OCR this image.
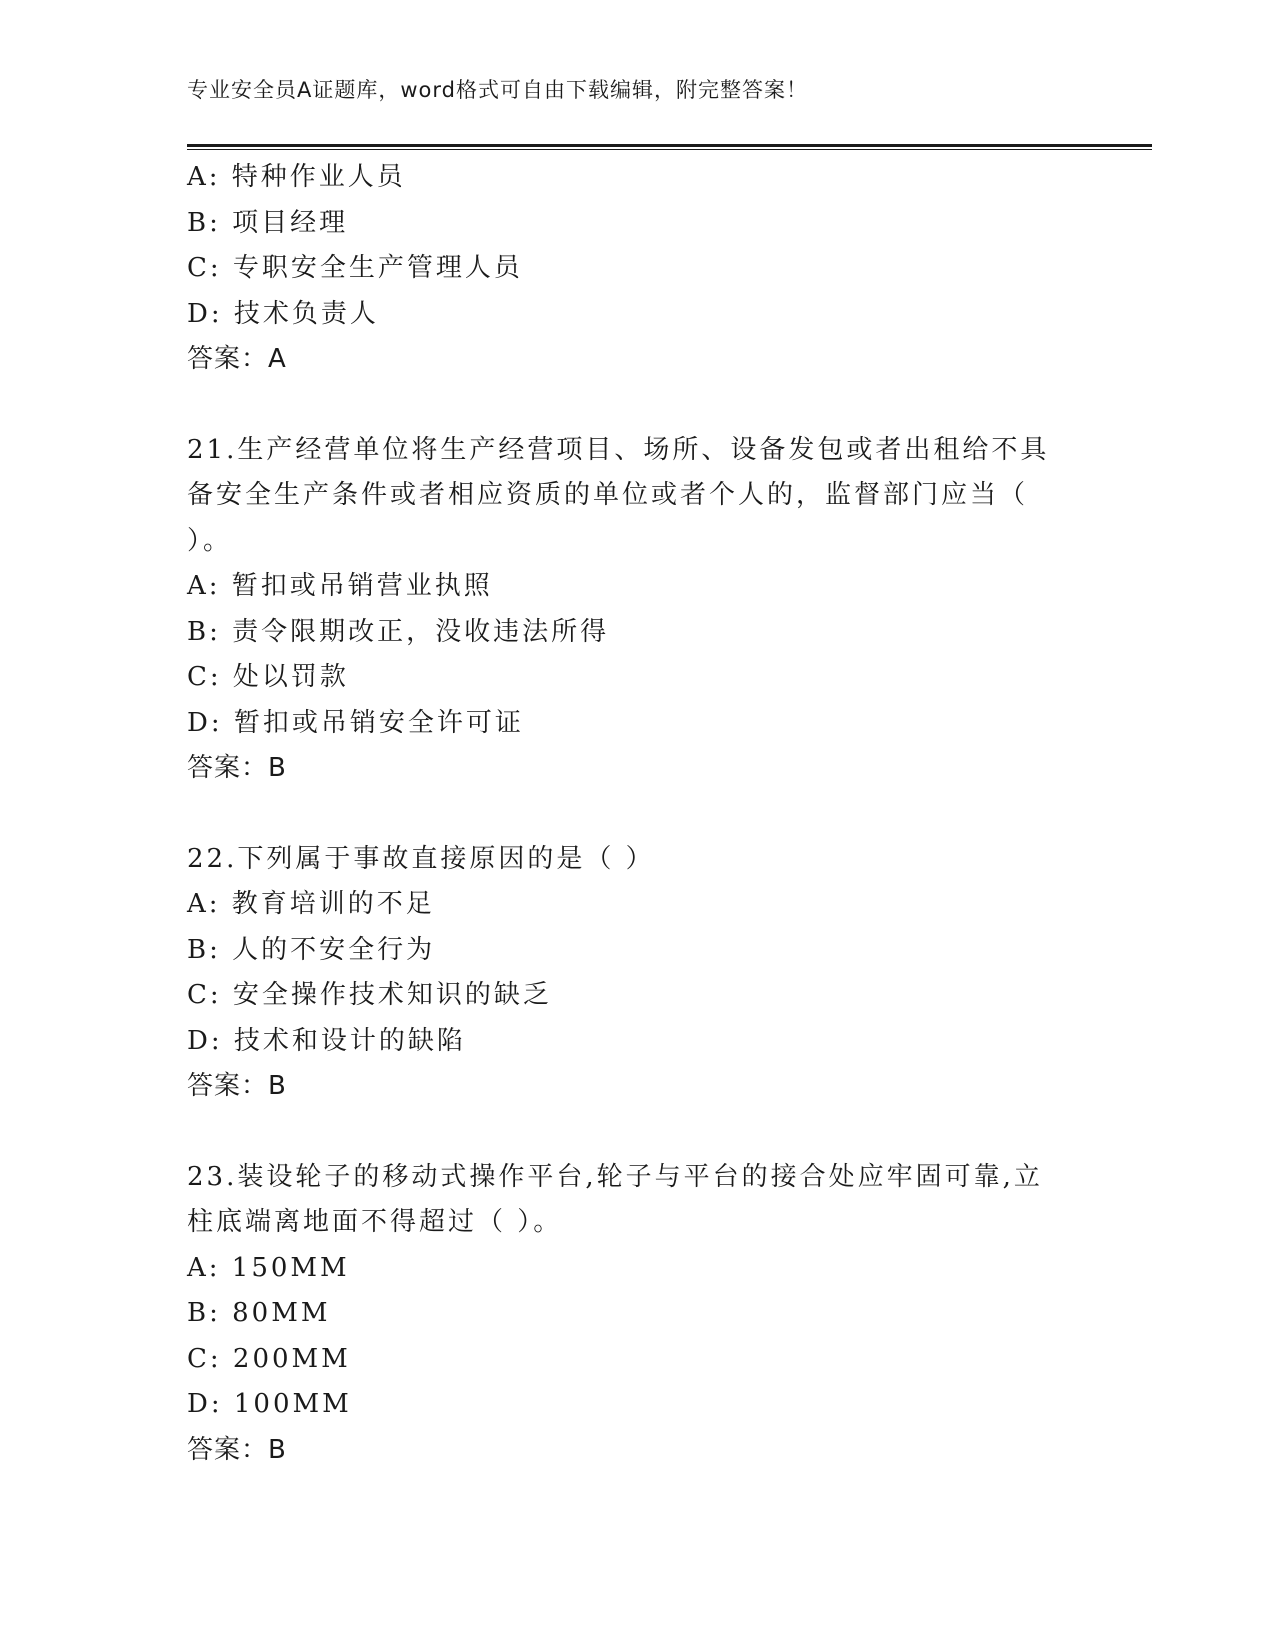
专业安全员A证题库，word格式可自由下载编辑，附完整答案！
A: 特种作业人员
B: 项目经理
C: 专职安全生产管理人员
D: 技术负责人
答案：A
21.生产经营单位将生产经营项目、场所、设备发包或者出租给不具备安全生产条件或者相应资质的单位或者个人的，监督部门应当（ ）。
A: 暂扣或吊销营业执照
B: 责令限期改正，没收违法所得
C: 处以罚款
D: 暂扣或吊销安全许可证
答案：B
22.下列属于事故直接原因的是（ ）
A: 教育培训的不足
B: 人的不安全行为
C: 安全操作技术知识的缺乏
D: 技术和设计的缺陷
答案：B
23.装设轮子的移动式操作平台,轮子与平台的接合处应牢固可靠,立柱底端离地面不得超过（ ）。
A: 150MM
B: 80MM
C: 200MM
D: 100MM
答案：B
